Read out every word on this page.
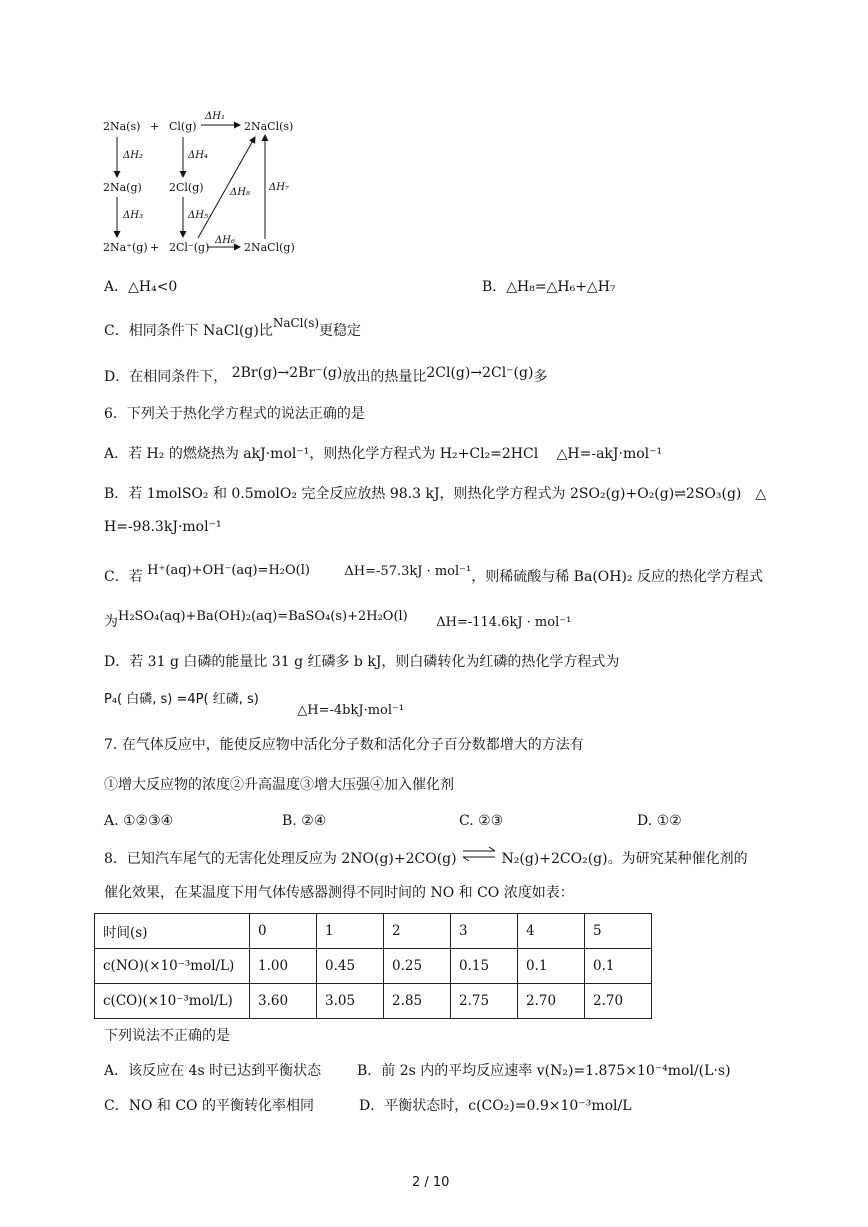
2Na(s) + Cl(g)	2NaCl(s)
2Na(g) 2Cl(g)
2Na⁺(g) + 2Cl⁻(g)	2NaCl(g)
ΔH₁
ΔH₂	ΔH₄
ΔH₈ ΔH₇
ΔH₃	ΔH₅
ΔH₆
A．△H₄<0	B．△H₈=△H₆+△H₇
C．相同条件下 NaCl(g)比NaCl(s)更稳定
D．在相同条件下， 2Br(g)→2Br⁻(g)放出的热量比2Cl(g)→2Cl⁻(g)多
6．下列关于热化学方程式的说法正确的是
A．若 H₂ 的燃烧热为 akJ·mol⁻¹，则热化学方程式为 H₂+Cl₂=2HCl　 △H=-akJ·mol⁻¹
B．若 1molSO₂ 和 0.5molO₂ 完全反应放热 98.3 kJ，则热化学方程式为 2SO₂(g)+O₂(g)⇌2SO₃(g)　△
H=-98.3kJ·mol⁻¹
C．若 H⁺(aq)+OH⁻(aq)=H₂O(l)	ΔH=-57.3kJ · mol⁻¹，则稀硫酸与稀 Ba(OH)₂ 反应的热化学方程式
为H₂SO₄(aq)+Ba(OH)₂(aq)=BaSO₄(s)+2H₂O(l) ΔH=-114.6kJ · mol⁻¹
D．若 31 g 白磷的能量比 31 g 红磷多 b kJ，则白磷转化为红磷的热化学方程式为
P₄( 白磷, s) =4P( 红磷, s) △H=-4bkJ·mol⁻¹
7. 在气体反应中，能使反应物中活化分子数和活化分子百分数都增大的方法有
①增大反应物的浓度②升高温度③增大压强④加入催化剂
A. ①②③④	B. ②④	C. ②③	D. ①②
8．已知汽车尾气的无害化处理反应为 2NO(g)+2CO(g) ⇌ N₂(g)+2CO₂(g)。为研究某种催化剂的
催化效果，在某温度下用气体传感器测得不同时间的 NO 和 CO 浓度如表：
时间(s)	0	1	2	3	4	5
c(NO)(×10⁻³mol/L)	1.00	0.45	0.25	0.15	0.1	0.1
c(CO)(×10⁻³mol/L)	3.60	3.05	2.85	2.75	2.70	2.70
下列说法不正确的是
A．该反应在 4s 时已达到平衡状态	B．前 2s 内的平均反应速率 v(N₂)=1.875×10⁻⁴mol/(L·s)
C．NO 和 CO 的平衡转化率相同	D．平衡状态时，c(CO₂)=0.9×10⁻³mol/L
2 / 10
